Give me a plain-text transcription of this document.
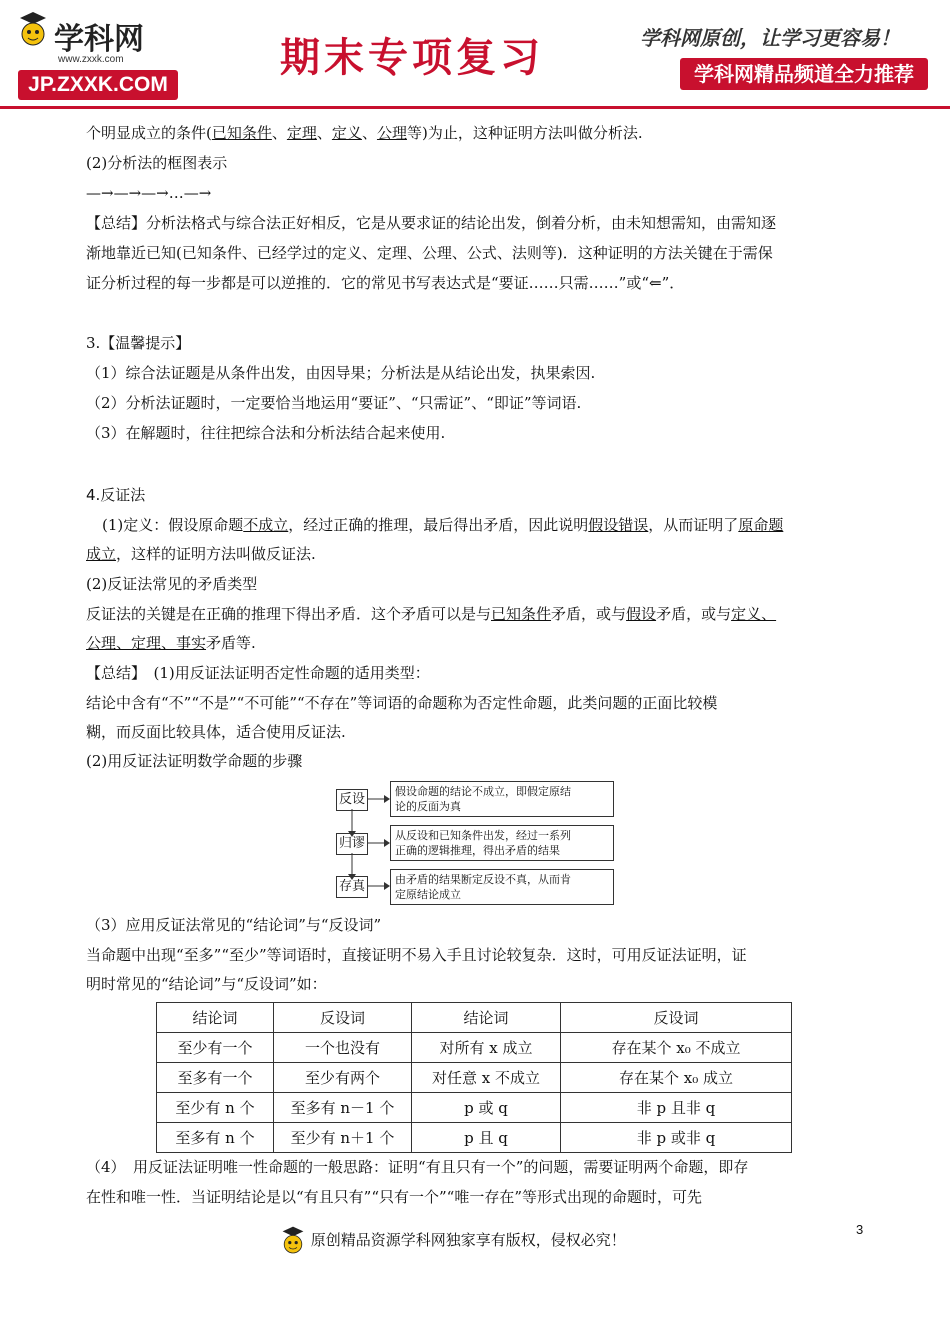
学科网
www.zxxk.com
JP.ZXXK.COM
期末专项复习	学科网原创，让学习更容易！
学科网精品频道全力推荐
个明显成立的条件(已知条件、定理、定义、公理等)为止，这种证明方法叫做分析法.
(2)分析法的框图表示
—→—→—→…—→
【总结】分析法格式与综合法正好相反，它是从要求证的结论出发，倒着分析，由未知想需知，由需知逐
渐地靠近已知(已知条件、已经学过的定义、定理、公理、公式、法则等)．这种证明的方法关键在于需保
证分析过程的每一步都是可以逆推的．它的常见书写表达式是“要证……只需……”或“⇐”．
3.【温馨提示】
（1）综合法证题是从条件出发，由因导果；分析法是从结论出发，执果索因.
（2）分析法证题时，一定要恰当地运用“要证”、“只需证”、“即证”等词语.
（3）在解题时，往往把综合法和分析法结合起来使用.
4.反证法
(1)定义：假设原命题不成立，经过正确的推理，最后得出矛盾，因此说明假设错误，从而证明了原命题
成立，这样的证明方法叫做反证法.
(2)反证法常见的矛盾类型
反证法的关键是在正确的推理下得出矛盾．这个矛盾可以是与已知条件矛盾，或与假设矛盾，或与定义、
公理、定理、事实矛盾等.
【总结】　(1)用反证法证明否定性命题的适用类型：
结论中含有“不”“不是”“不可能”“不存在”等词语的命题称为否定性命题，此类问题的正面比较模
糊，而反面比较具体，适合使用反证法.
(2)用反证法证明数学命题的步骤
（3）应用反证法常见的“结论词”与“反设词”
当命题中出现“至多”“至少”等词语时，直接证明不易入手且讨论较复杂．这时，可用反证法证明，证
明时常见的“结论词”与“反设词”如：
（4）　用反证法证明唯一性命题的一般思路：证明“有且只有一个”的问题，需要证明两个命题，即存
在性和唯一性．当证明结论是以“有且只有”“只有一个”“唯一存在”等形式出现的命题时，可先
反设
假设命题的结论不成立，即假定原结
论的反面为真
归谬
从反设和已知条件出发，经过一系列
正确的逻辑推理，得出矛盾的结果
存真	由矛盾的结果断定反设不真，从而肯
定原结论成立
结论词	反设词	结论词	反设词
至少有一个	一个也没有	对所有 x 成立	存在某个 x₀ 不成立
至多有一个	至少有两个	对任意 x 不成立	存在某个 x₀ 成立
至少有 n 个	至多有 n－1 个	p 或 q	非 p 且非 q
至多有 n 个	至少有 n＋1 个	p 且 q	非 p 或非 q
3
原创精品资源学科网独家享有版权，侵权必究！
